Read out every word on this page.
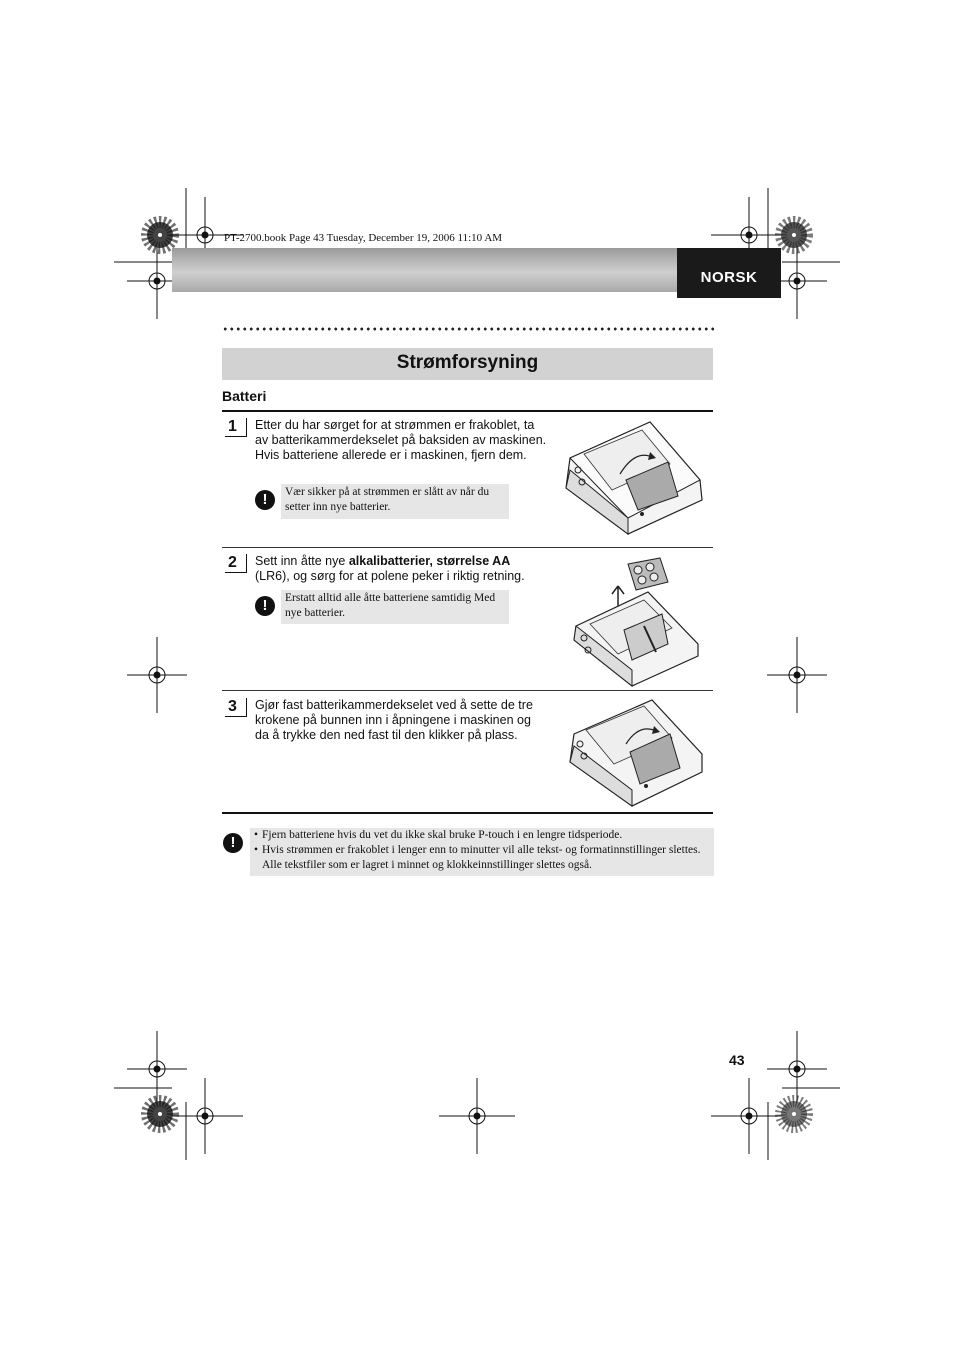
PT-2700.book Page 43 Tuesday, December 19, 2006 11:10 AM
NORSK
Strømforsyning
Batteri
1	Etter du har sørget for at strømmen er frakoblet, ta av batterikammerdekselet på baksiden av maskinen. Hvis batteriene allerede er i maskinen, fjern dem.
!	Vær sikker på at strømmen er slått av når du setter inn nye batterier.
2	Sett inn åtte nye alkalibatterier, størrelse AA (LR6), og sørg for at polene peker i riktig retning.
!	Erstatt alltid alle åtte batteriene samtidig Med nye batterier.
3	Gjør fast batterikammerdekselet ved å sette de tre krokene på bunnen inn i åpningene i maskinen og da å trykke den ned fast til den klikker på plass.
!
•	Fjern batteriene hvis du vet du ikke skal bruke P-touch i en lengre tidsperiode.
• Hvis strømmen er frakoblet i lenger enn to minutter vil alle tekst- og formatinnstillinger slettes. Alle tekstfiler som er lagret i minnet og klokkeinnstillinger slettes også.
43
